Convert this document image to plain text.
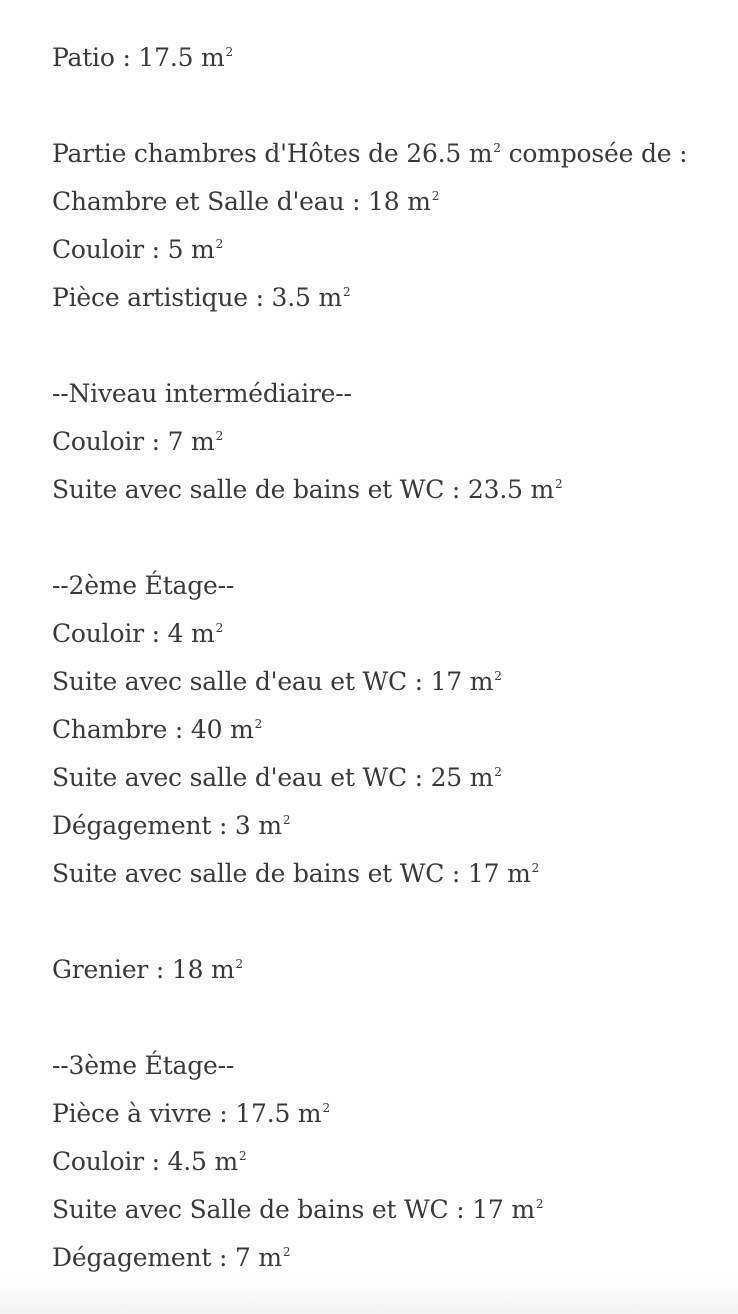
Patio : 17.5 $m^2$
Partie chambres d'Hôtes de 26.5 $m^2$ composée de :
Chambre et Salle d'eau : 18 $m^2$
Couloir : 5 $m^2$
Pièce artistique : 3.5 $m^2$
--Niveau intermédiaire--
Couloir : 7 $m^2$
Suite avec salle de bains et WC : 23.5 $m^2$
--2ème Étage--
Couloir : 4 $m^2$
Suite avec salle d'eau et WC : 17 $m^2$
Chambre : 40 $m^2$
Suite avec salle d'eau et WC : 25 $m^2$
Dégagement : 3 $m^2$
Suite avec salle de bains et WC : 17 $m^2$
Grenier : 18 $m^2$
--3ème Étage--
Pièce à vivre : 17.5 $m^2$
Couloir : 4.5 $m^2$
Suite avec Salle de bains et WC : 17 $m^2$
Dégagement : 7 $m^2$
